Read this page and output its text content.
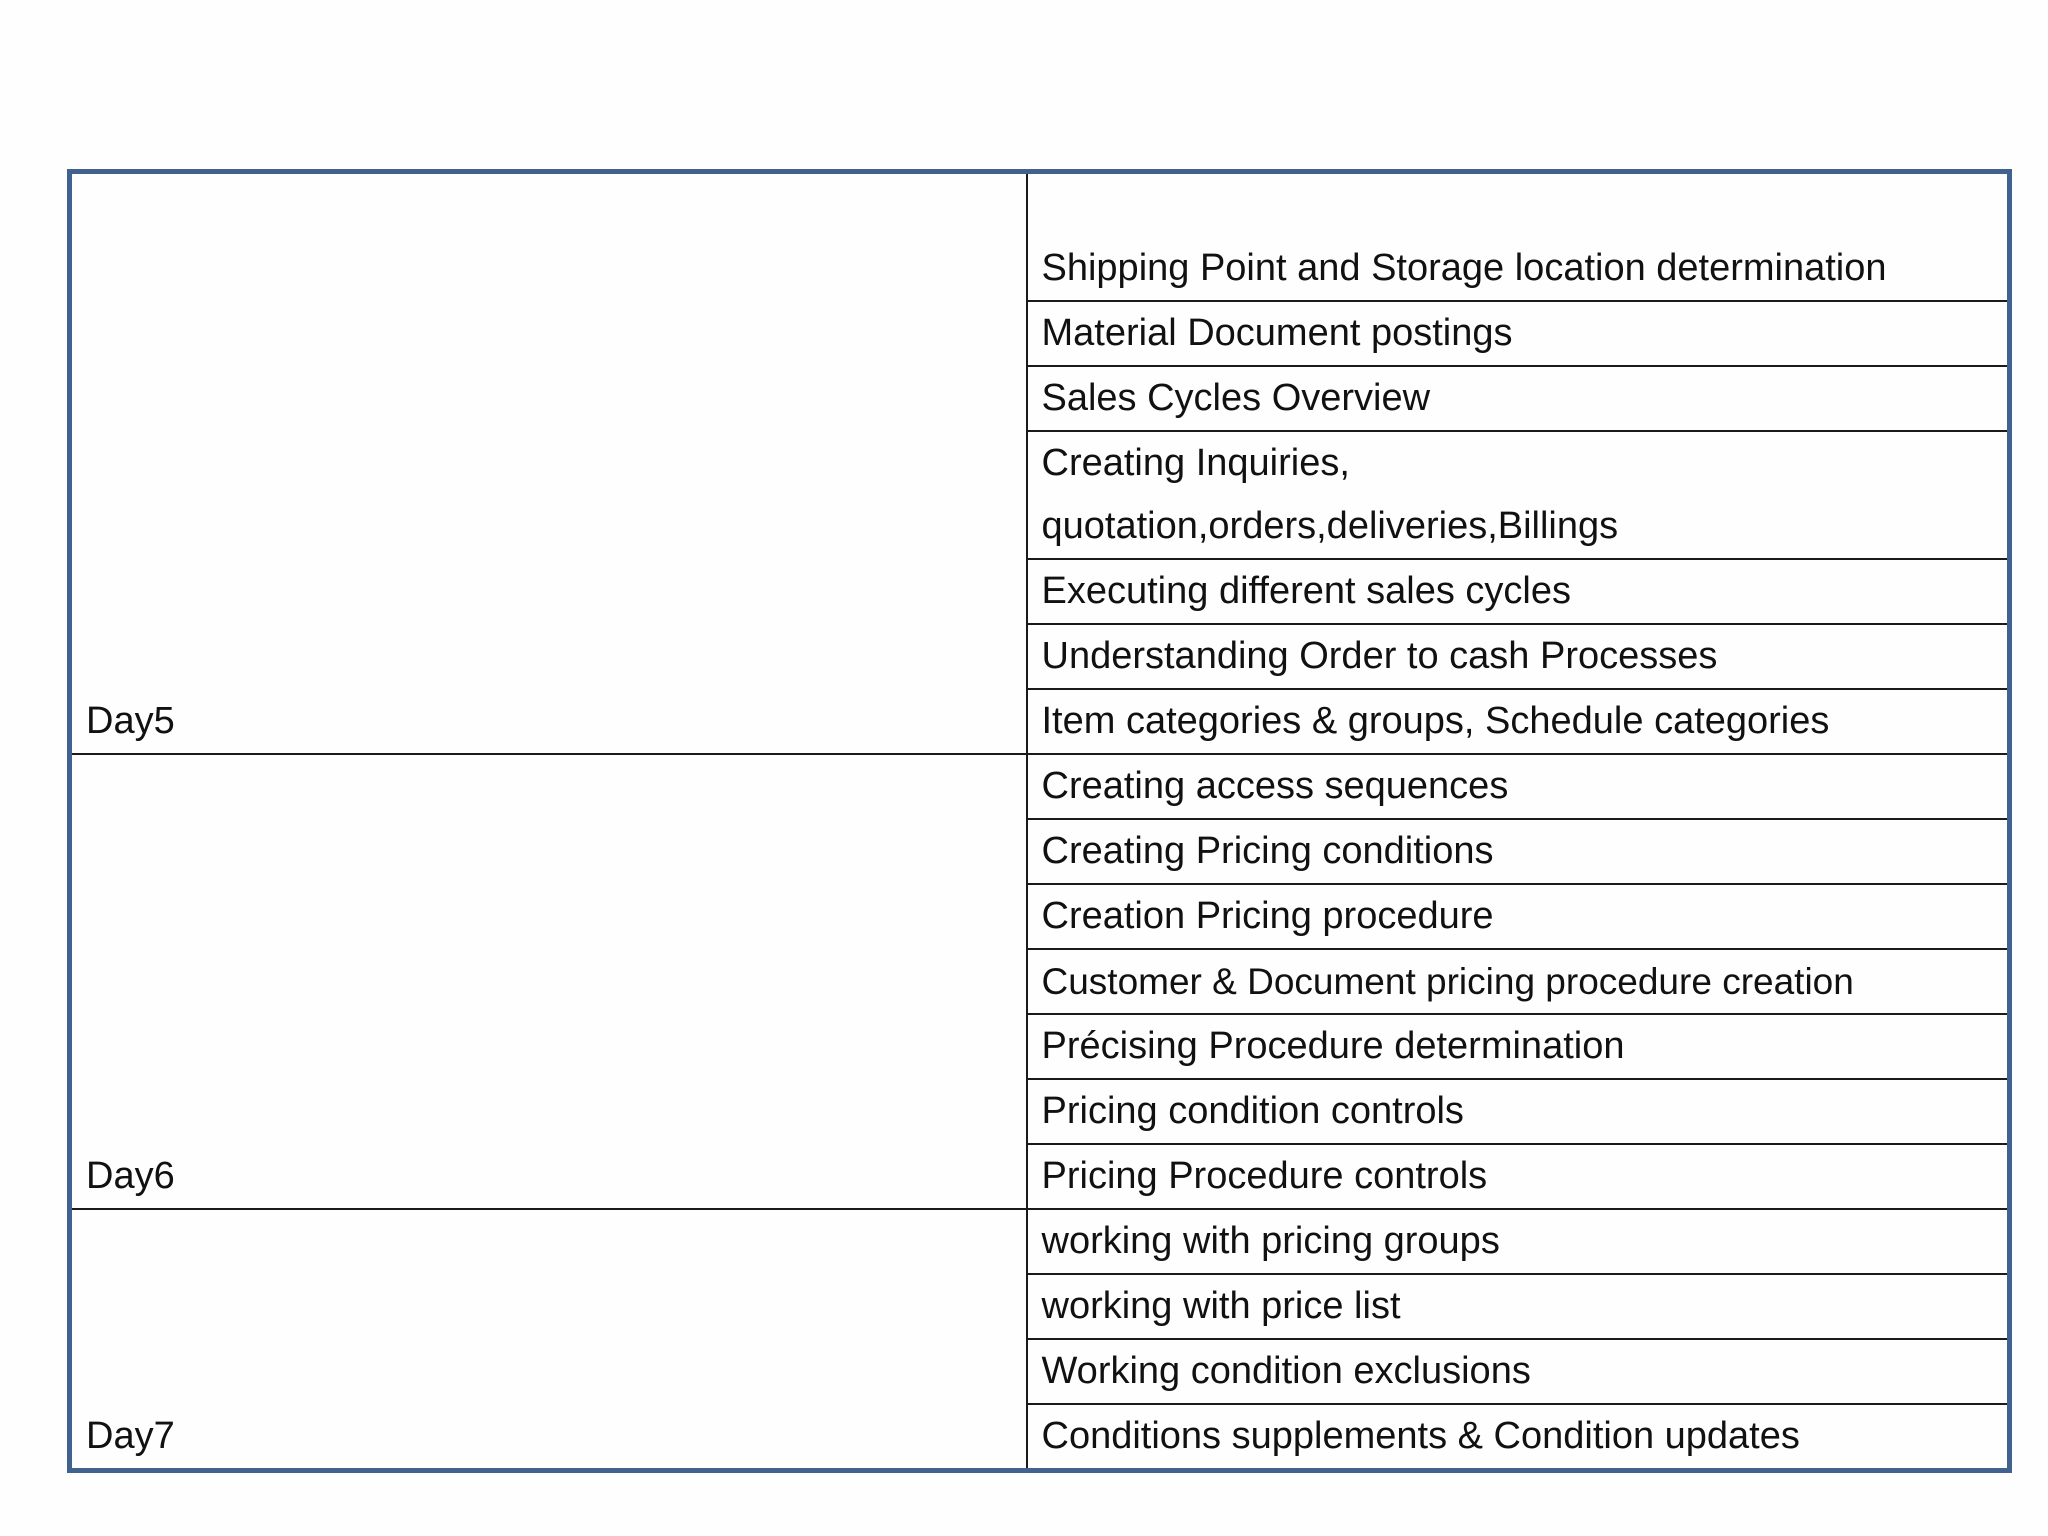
Day5	Shipping Point and Storage location determination
	Material Document postings
	Sales Cycles Overview
	Creating Inquiries, quotation,orders,deliveries,Billings
	Executing different sales cycles
	Understanding Order to cash Processes
	Item categories & groups, Schedule categories
Day6	Creating access sequences
	Creating Pricing conditions
	Creation Pricing procedure
	Customer & Document pricing procedure creation
	Précising Procedure determination
	Pricing condition controls
	Pricing Procedure controls
Day7	working with pricing groups
	working with price list
	Working condition exclusions
	Conditions supplements & Condition updates
